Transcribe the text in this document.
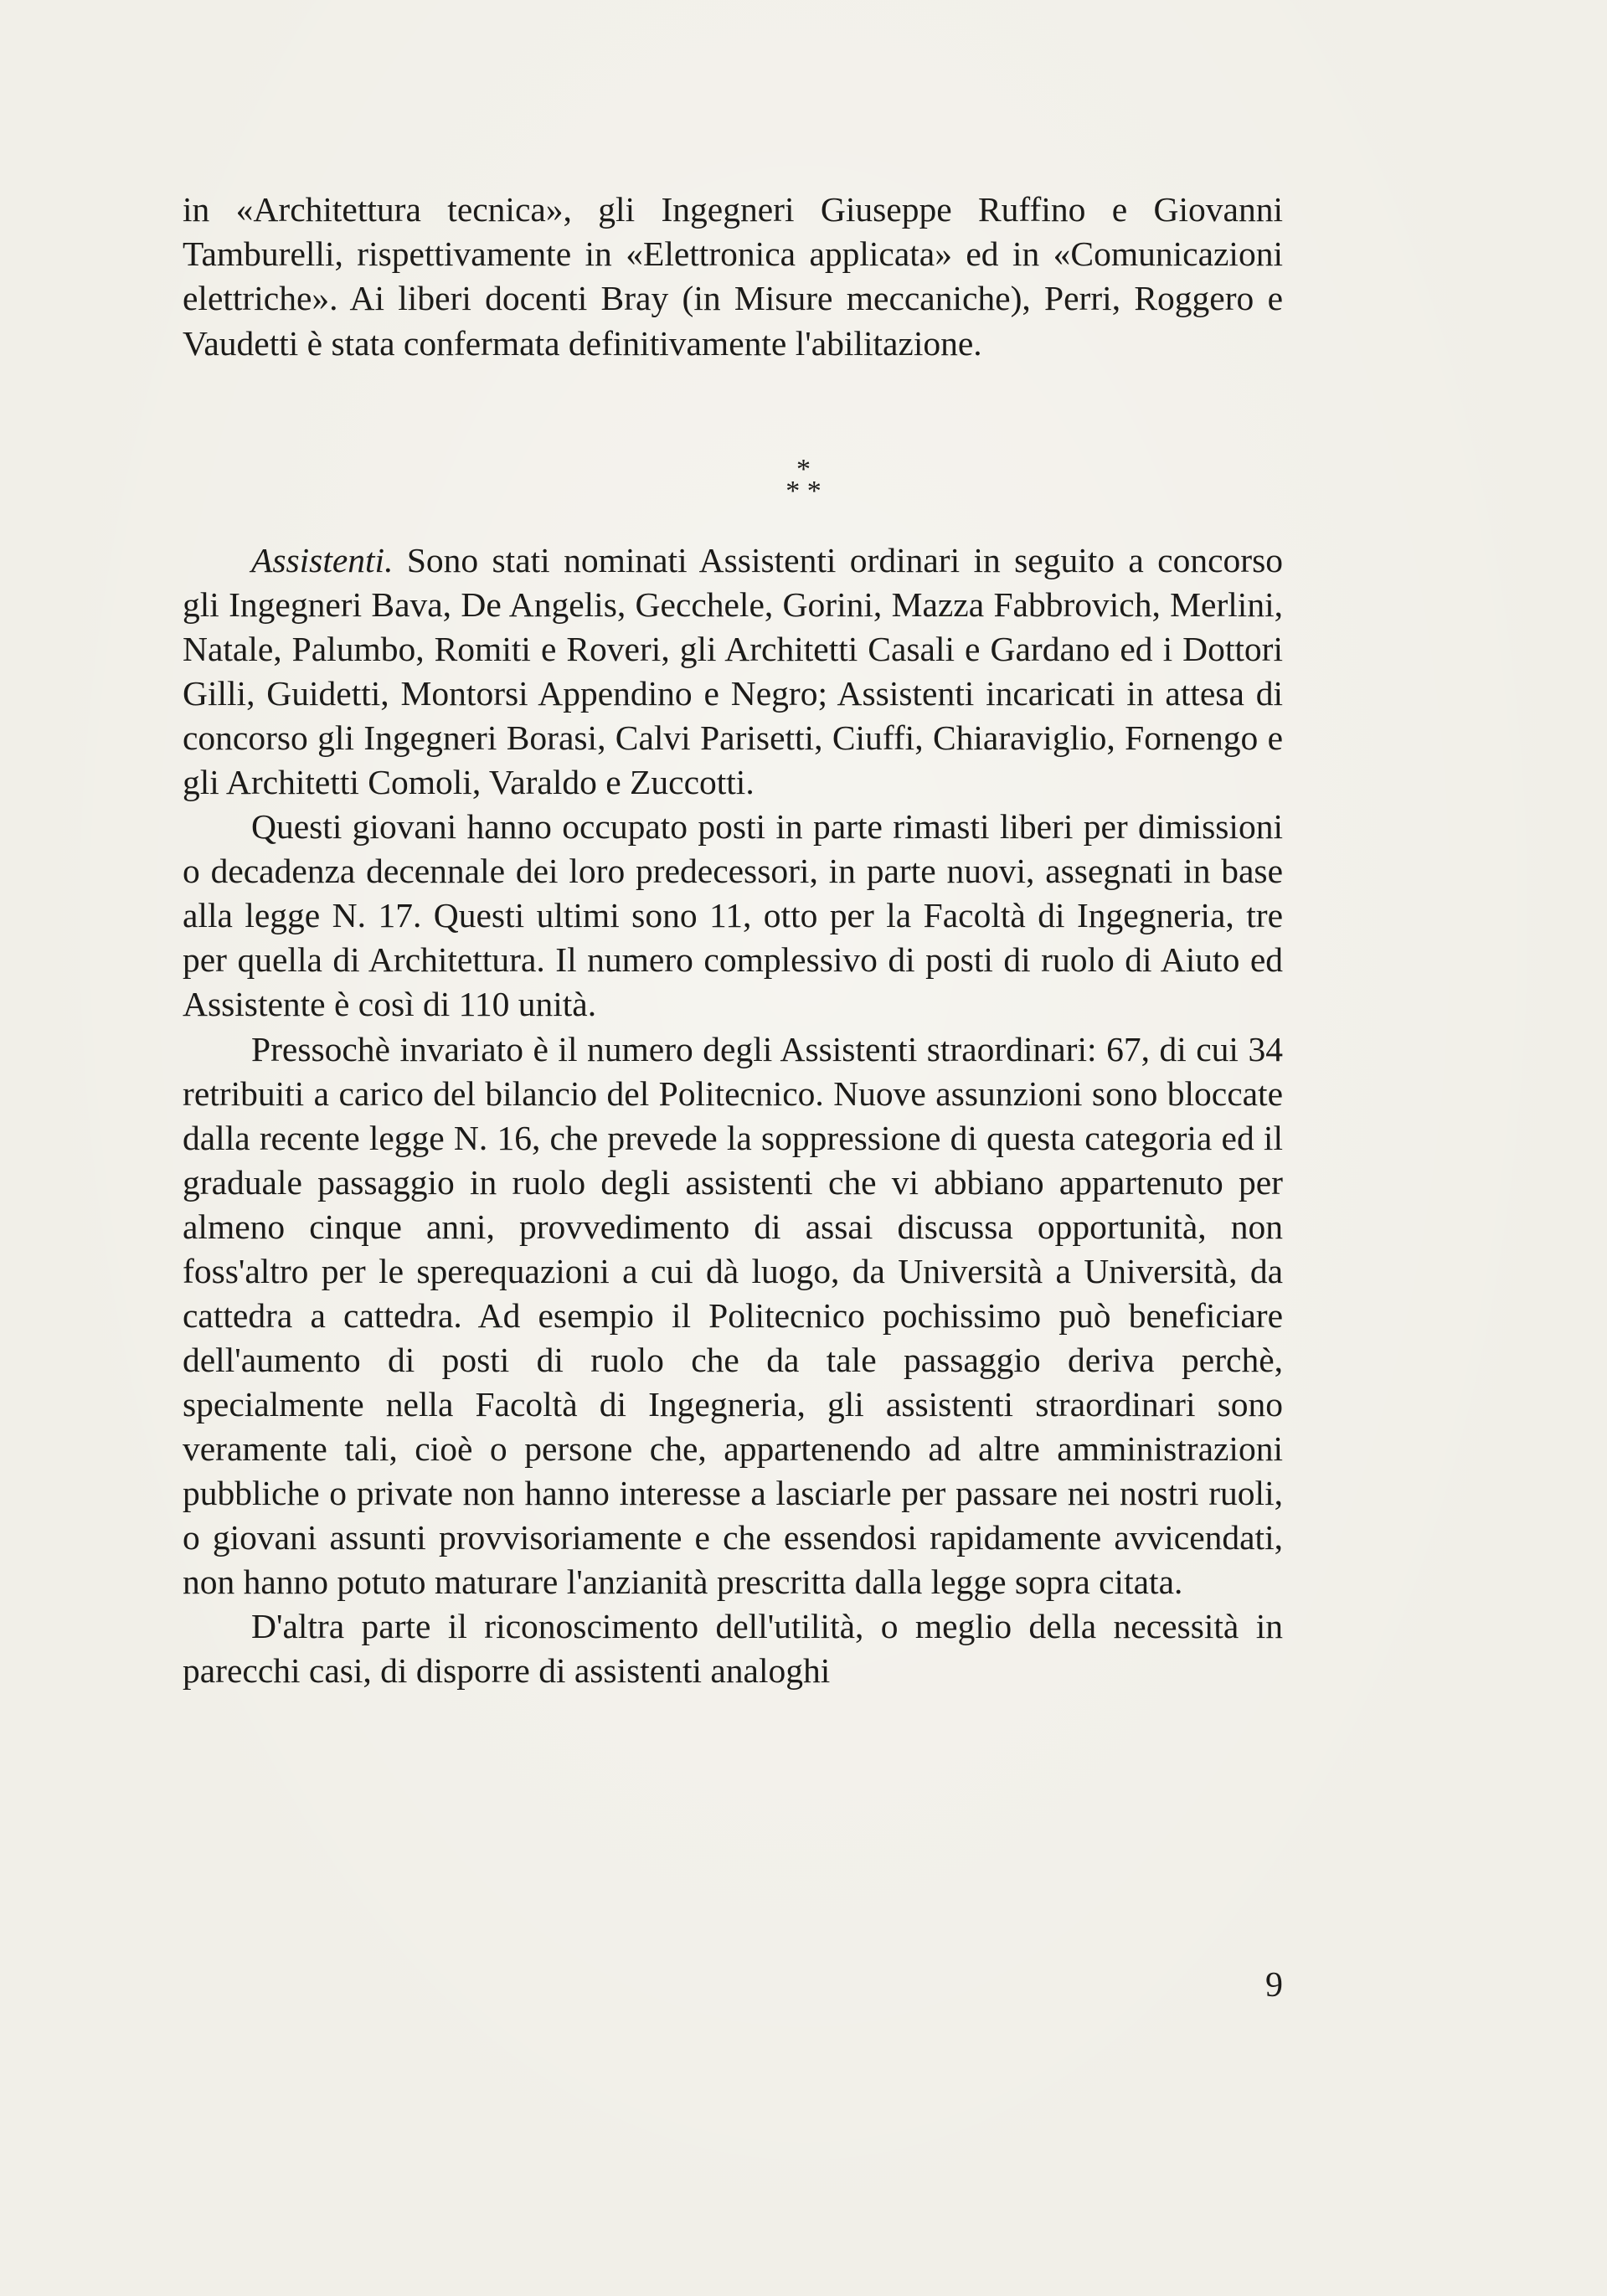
in «Architettura tecnica», gli Ingegneri Giuseppe Ruffino e Giovanni Tamburelli, rispettivamente in «Elettronica applicata» ed in «Comunicazioni elettriche». Ai liberi docenti Bray (in Misure meccaniche), Perri, Roggero e Vaudetti è stata confermata definitivamente l'abilitazione.

*
* *

Assistenti. Sono stati nominati Assistenti ordinari in seguito a concorso gli Ingegneri Bava, De Angelis, Gecchele, Gorini, Mazza Fabbrovich, Merlini, Natale, Palumbo, Romiti e Roveri, gli Architetti Casali e Gardano ed i Dottori Gilli, Guidetti, Montorsi Appendino e Negro; Assistenti incaricati in attesa di concorso gli Ingegneri Borasi, Calvi Parisetti, Ciuffi, Chiaraviglio, Fornengo e gli Architetti Comoli, Varaldo e Zuccotti.

Questi giovani hanno occupato posti in parte rimasti liberi per dimissioni o decadenza decennale dei loro predecessori, in parte nuovi, assegnati in base alla legge N. 17. Questi ultimi sono 11, otto per la Facoltà di Ingegneria, tre per quella di Architettura. Il numero complessivo di posti di ruolo di Aiuto ed Assistente è così di 110 unità.

Pressochè invariato è il numero degli Assistenti straordinari: 67, di cui 34 retribuiti a carico del bilancio del Politecnico. Nuove assunzioni sono bloccate dalla recente legge N. 16, che prevede la soppressione di questa categoria ed il graduale passaggio in ruolo degli assistenti che vi abbiano appartenuto per almeno cinque anni, provvedimento di assai discussa opportunità, non foss'altro per le sperequazioni a cui dà luogo, da Università a Università, da cattedra a cattedra. Ad esempio il Politecnico pochissimo può beneficiare dell'aumento di posti di ruolo che da tale passaggio deriva perchè, specialmente nella Facoltà di Ingegneria, gli assistenti straordinari sono veramente tali, cioè o persone che, appartenendo ad altre amministrazioni pubbliche o private non hanno interesse a lasciarle per passare nei nostri ruoli, o giovani assunti provvisoriamente e che essendosi rapidamente avvicendati, non hanno potuto maturare l'anzianità prescritta dalla legge sopra citata.

D'altra parte il riconoscimento dell'utilità, o meglio della necessità in parecchi casi, di disporre di assistenti analoghi

9
